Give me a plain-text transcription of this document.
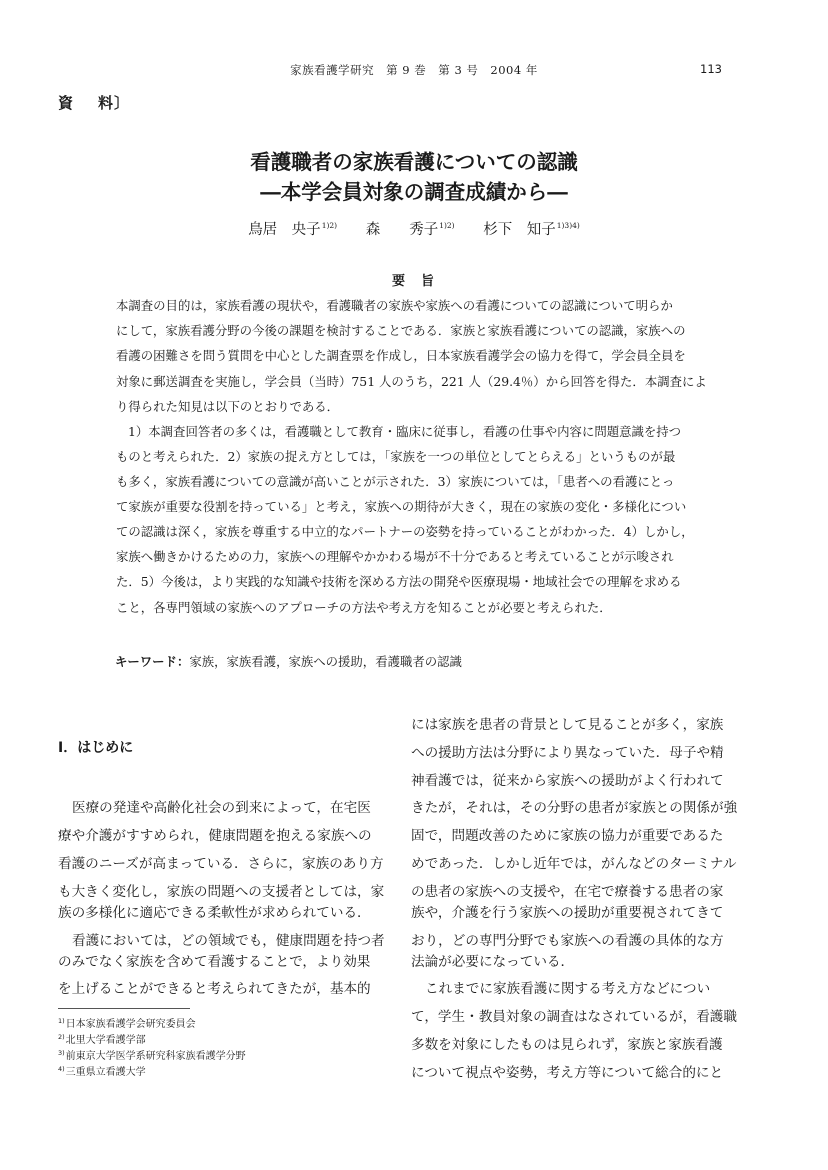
家族看護学研究　第 9 巻　第 3 号　2004 年	113
資 料〕
看護職者の家族看護についての認識
―本学会員対象の調査成績から―
鳥居　央子$^{1)2)}$ 森　　秀子$^{1)2)}$ 杉下　知子$^{1)3)4)}$
要 旨
本調査の目的は，家族看護の現状や，看護職者の家族や家族への看護についての認識について明らか
にして，家族看護分野の今後の課題を検討することである．家族と家族看護についての認識，家族への
看護の困難さを問う質問を中心とした調査票を作成し，日本家族看護学会の協力を得て，学会員全員を
対象に郵送調査を実施し，学会員（当時）751 人のうち，221 人（29.4％）から回答を得た．本調査によ
り得られた知見は以下のとおりである．
1）本調査回答者の多くは，看護職として教育・臨床に従事し，看護の仕事や内容に問題意識を持つ
ものと考えられた．2）家族の捉え方としては，「家族を一つの単位としてとらえる」というものが最
も多く，家族看護についての意識が高いことが示された．3）家族については，「患者への看護にとっ
て家族が重要な役割を持っている」と考え，家族への期待が大きく，現在の家族の変化・多様化につい
ての認識は深く，家族を尊重する中立的なパートナーの姿勢を持っていることがわかった．4）しかし，
家族へ働きかけるための力，家族への理解やかかわる場が不十分であると考えていることが示唆され
た．5）今後は，より実践的な知識や技術を深める方法の開発や医療現場・地域社会での理解を求める
こと，各専門領域の家族へのアプローチの方法や考え方を知ることが必要と考えられた．
キーワード：家族，家族看護，家族への援助，看護職者の認識
I．はじめに
医療の発達や高齢化社会の到来によって，在宅医
療や介護がすすめられ，健康問題を抱える家族への
看護のニーズが高まっている．さらに，家族のあり方
も大きく変化し，家族の問題への支援者としては，家
族の多様化に適応できる柔軟性が求められている．
看護においては，どの領域でも，健康問題を持つ者
のみでなく家族を含めて看護することで，より効果
を上げることができると考えられてきたが，基本的
には家族を患者の背景として見ることが多く，家族
への援助方法は分野により異なっていた．母子や精
神看護では，従来から家族への援助がよく行われて
きたが，それは，その分野の患者が家族との関係が強
固で，問題改善のために家族の協力が重要であるた
めであった．しかし近年では，がんなどのターミナル
の患者の家族への支援や，在宅で療養する患者の家
族や，介護を行う家族への援助が重要視されてきて
おり，どの専門分野でも家族への看護の具体的な方
法論が必要になっている．
これまでに家族看護に関する考え方などについ
て，学生・教員対象の調査はなされているが，看護職
多数を対象にしたものは見られず，家族と家族看護
について視点や姿勢，考え方等について総合的にと
$^{1)}$日本家族看護学会研究委員会
$^{2)}$北里大学看護学部
$^{3)}$前東京大学医学系研究科家族看護学分野
$^{4)}$三重県立看護大学
